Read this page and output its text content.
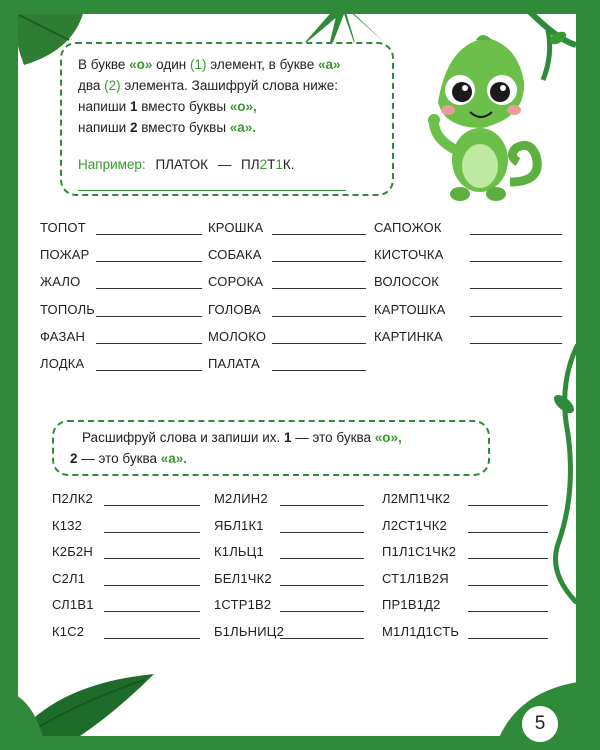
В букве «о» один (1) элемент, в букве «а»
два (2) элемента. Зашифруй слова ниже:
напиши 1 вместо буквы «о»,
напиши 2 вместо буквы «а».
Например: ПЛАТОК — ПЛ2Т1К.
ТОПОТ
ПОЖАР
ЖАЛО
ТОПОЛЬ
ФАЗАН
ЛОДКА
КРОШКА
СОБАКА
СОРОКА
ГОЛОВА
МОЛОКО
ПАЛАТА
САПОЖОК
КИСТОЧКА
ВОЛОСОК
КАРТОШКА
КАРТИНКА
Расшифруй слова и запиши их. 1 — это буква «о»,
2 — это буква «а».
П2ЛК2
К132
К2Б2Н
С2Л1
СЛ1В1
К1С2
М2ЛИН2
ЯБЛ1К1
К1ЛЬЦ1
БЕЛ1ЧК2
1СТР1В2
Б1ЛЬНИЦ2
Л2МП1ЧК2
Л2СТ1ЧК2
П1Л1С1ЧК2
СТ1Л1В2Я
ПР1В1Д2
М1Л1Д1СТЬ
5
